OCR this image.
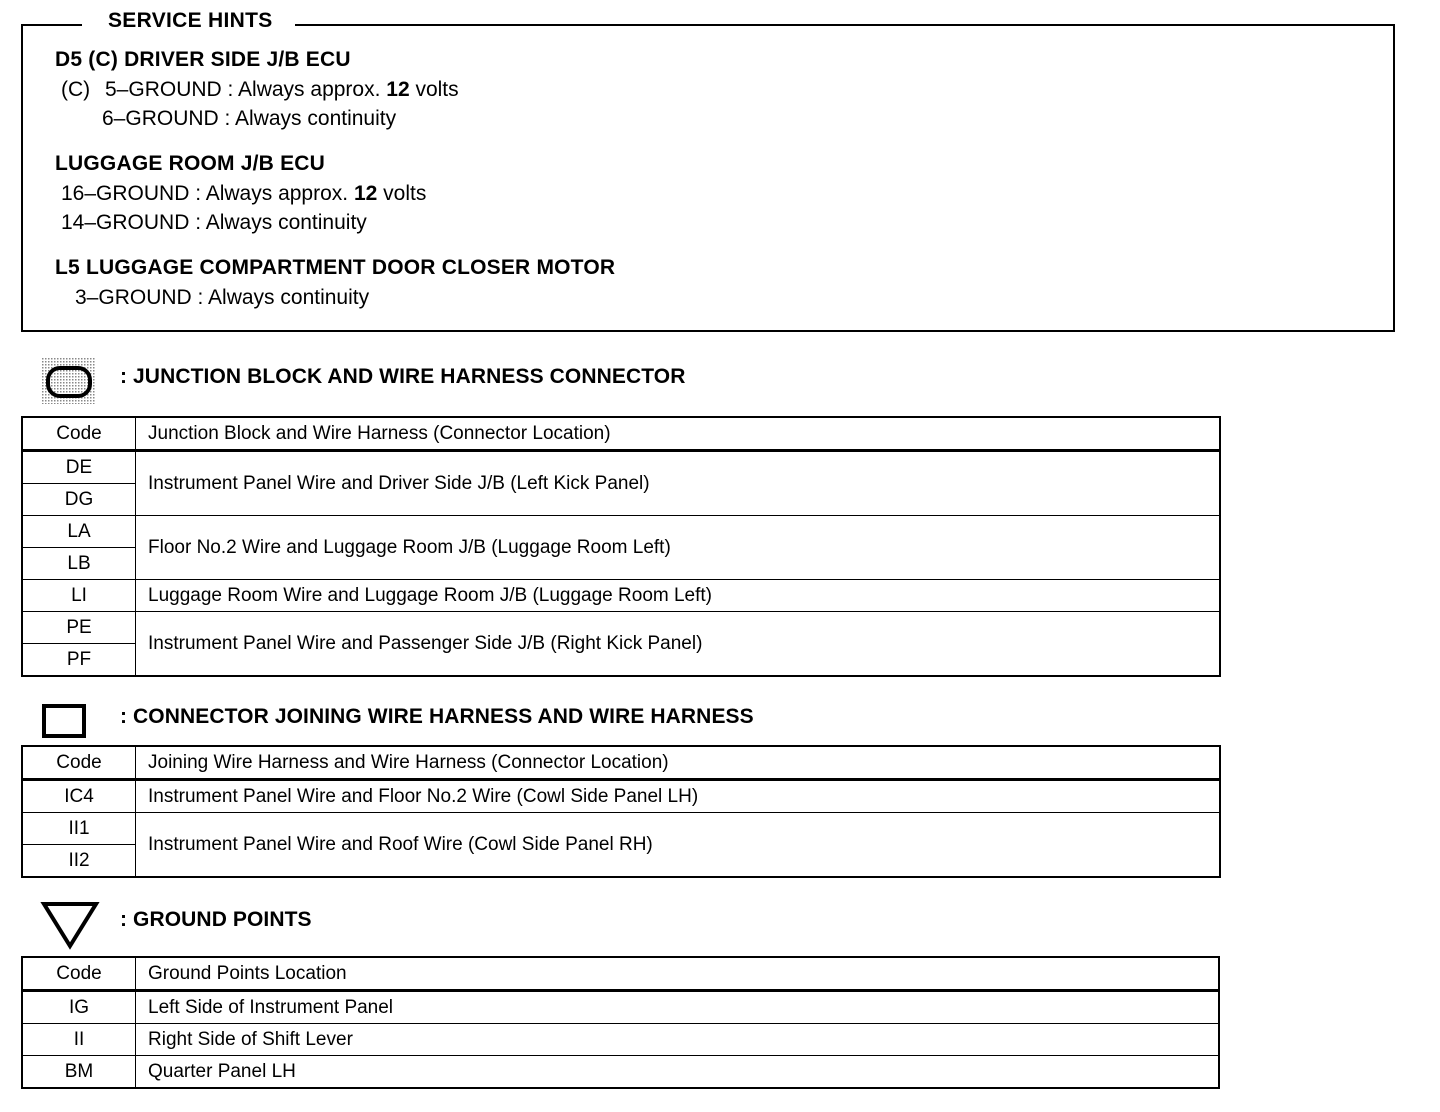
SERVICE HINTS
D5 (C) DRIVER SIDE J/B ECU
(C) 5–GROUND : Always approx. 12 volts
6–GROUND : Always continuity
LUGGAGE ROOM J/B ECU
16–GROUND : Always approx. 12 volts
14–GROUND : Always continuity
L5 LUGGAGE COMPARTMENT DOOR CLOSER MOTOR
3–GROUND : Always continuity
: JUNCTION BLOCK AND WIRE HARNESS CONNECTOR
Code	Junction Block and Wire Harness (Connector Location)
DE	Instrument Panel Wire and Driver Side J/B (Left Kick Panel)
DG	
LA	Floor No.2 Wire and Luggage Room J/B (Luggage Room Left)
LB	
LI	Luggage Room Wire and Luggage Room J/B (Luggage Room Left)
PE	Instrument Panel Wire and Passenger Side J/B (Right Kick Panel)
PF	
: CONNECTOR JOINING WIRE HARNESS AND WIRE HARNESS
Code	Joining Wire Harness and Wire Harness (Connector Location)
IC4	Instrument Panel Wire and Floor No.2 Wire (Cowl Side Panel LH)
II1	Instrument Panel Wire and Roof Wire (Cowl Side Panel RH)
II2	
: GROUND POINTS
Code	Ground Points Location
IG	Left Side of Instrument Panel
II	Right Side of Shift Lever
BM	Quarter Panel LH
